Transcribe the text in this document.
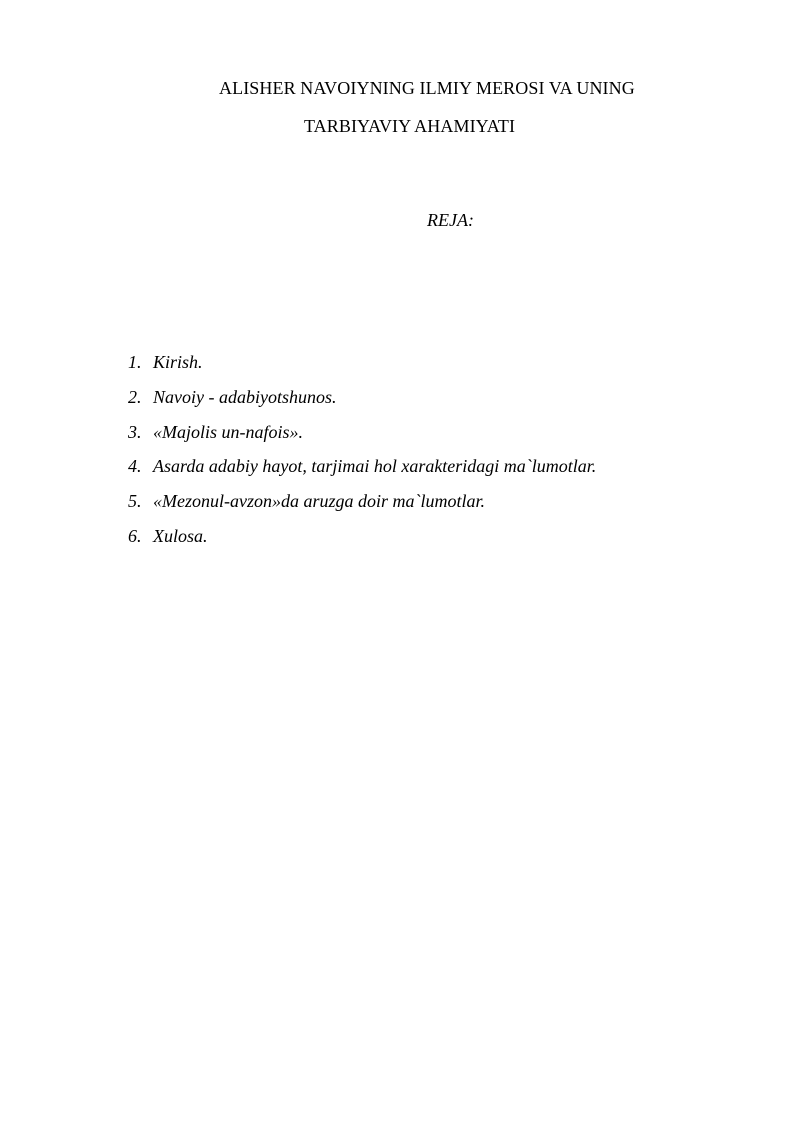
ALISHER NAVOIYNING ILMIY MEROSI VA UNING
TARBIYAVIY AHAMIYATI
REJA:
1. Kirish.
2. Navoiy - adabiyotshunos.
3. «Majolis un-nafois».
4. Asarda adabiy hayot, tarjimai hol xarakteridagi ma`lumotlar.
5. «Mezonul-avzon»da aruzga doir ma`lumotlar.
6. Xulosa.
